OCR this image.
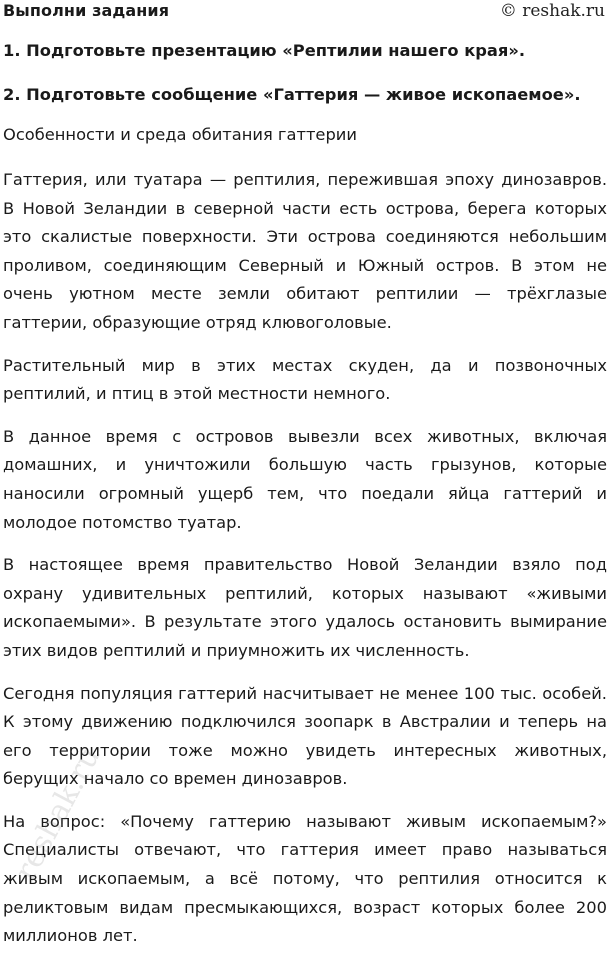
Выполни задания	© reshak.ru
1. Подготовьте презентацию «Рептилии нашего края».
2. Подготовьте сообщение «Гаттерия — живое ископаемое».
Особенности и среда обитания гаттерии

Гаттерия, или туатара — рептилия, пережившая эпоху динозавров. В Новой Зеландии в северной части есть острова, берега которых это скалистые поверхности. Эти острова соединяются небольшим проливом, соединяющим Северный и Южный остров. В этом не очень уютном месте земли обитают рептилии — трёхглазые гаттерии, образующие отряд клювоголовые.

Растительный мир в этих местах скуден, да и позвоночных рептилий, и птиц в этой местности немного.

В данное время с островов вывезли всех животных, включая домашних, и уничтожили большую часть грызунов, которые наносили огромный ущерб тем, что поедали яйца гаттерий и молодое потомство туатар.

В настоящее время правительство Новой Зеландии взяло под охрану удивительных рептилий, которых называют «живыми ископаемыми». В результате этого удалось остановить вымирание этих видов рептилий и приумножить их численность.

Сегодня популяция гаттерий насчитывает не менее 100 тыс. особей. К этому движению подключился зоопарк в Австралии и теперь на его территории тоже можно увидеть интересных животных, берущих начало со времен динозавров.

На вопрос: «Почему гаттерию называют живым ископаемым?» Специалисты отвечают, что гаттерия имеет право называться живым ископаемым, а всё потому, что рептилия относится к реликтовым видам пресмыкающихся, возраст которых более 200 миллионов лет.

reshak.ru
